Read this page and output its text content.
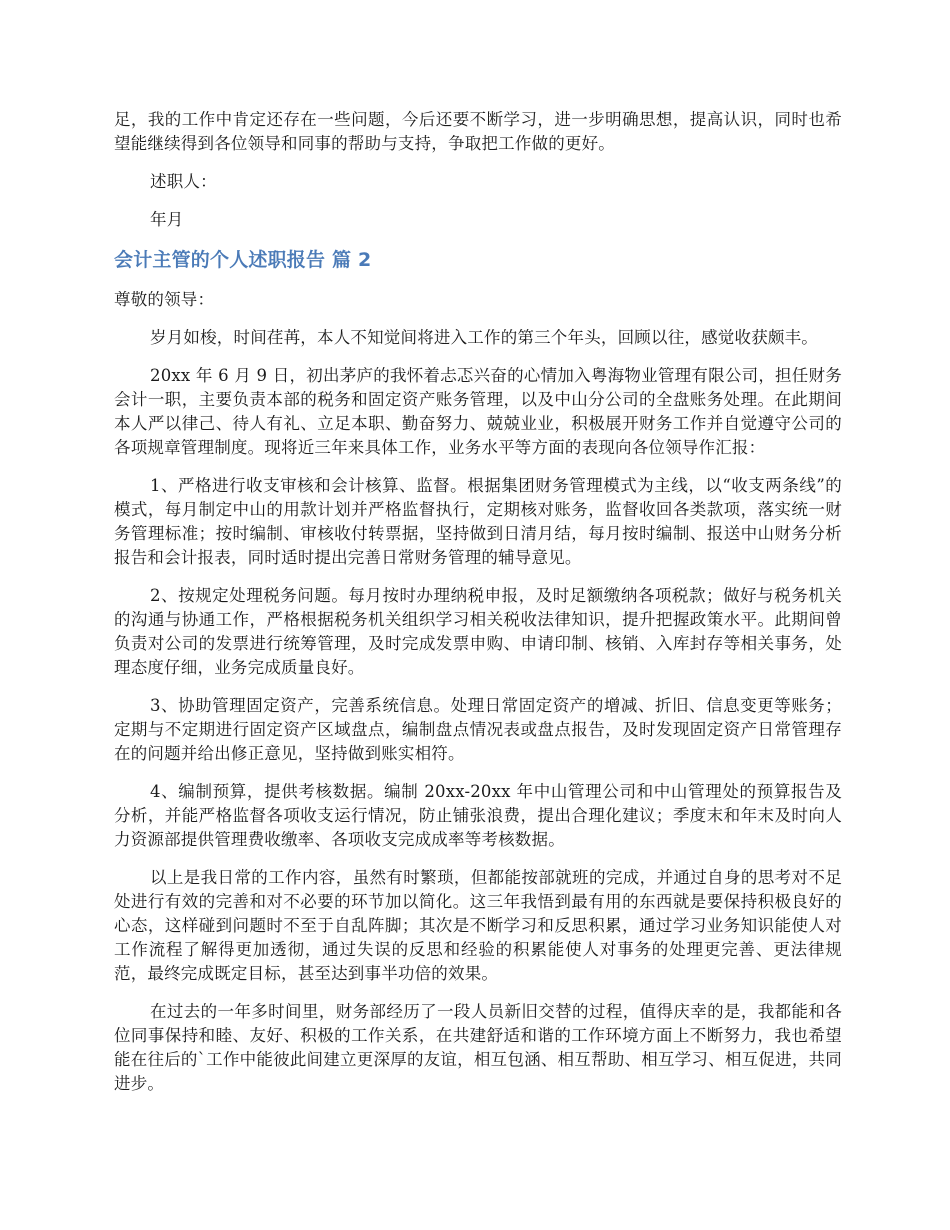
足，我的工作中肯定还存在一些问题，今后还要不断学习，进一步明确思想，提高认识，同时也希望能继续得到各位领导和同事的帮助与支持，争取把工作做的更好。

述职人：

年月

会计主管的个人述职报告 篇 2

尊敬的领导：

岁月如梭，时间荏苒，本人不知觉间将进入工作的第三个年头，回顾以往，感觉收获颇丰。

20xx 年 6 月 9 日，初出茅庐的我怀着忐忑兴奋的心情加入粤海物业管理有限公司，担任财务会计一职，主要负责本部的税务和固定资产账务管理，以及中山分公司的全盘账务处理。在此期间本人严以律己、待人有礼、立足本职、勤奋努力、兢兢业业，积极展开财务工作并自觉遵守公司的各项规章管理制度。现将近三年来具体工作，业务水平等方面的表现向各位领导作汇报：

1、严格进行收支审核和会计核算、监督。根据集团财务管理模式为主线，以“收支两条线”的模式，每月制定中山的用款计划并严格监督执行，定期核对账务，监督收回各类款项，落实统一财务管理标准；按时编制、审核收付转票据，坚持做到日清月结，每月按时编制、报送中山财务分析报告和会计报表，同时适时提出完善日常财务管理的辅导意见。

2、按规定处理税务问题。每月按时办理纳税申报，及时足额缴纳各项税款；做好与税务机关的沟通与协通工作，严格根据税务机关组织学习相关税收法律知识，提升把握政策水平。此期间曾负责对公司的发票进行统筹管理，及时完成发票申购、申请印制、核销、入库封存等相关事务，处理态度仔细，业务完成质量良好。

3、协助管理固定资产，完善系统信息。处理日常固定资产的增减、折旧、信息变更等账务；定期与不定期进行固定资产区域盘点，编制盘点情况表或盘点报告，及时发现固定资产日常管理存在的问题并给出修正意见，坚持做到账实相符。

4、编制预算，提供考核数据。编制 20xx-20xx 年中山管理公司和中山管理处的预算报告及分析，并能严格监督各项收支运行情况，防止铺张浪费，提出合理化建议；季度末和年末及时向人力资源部提供管理费收缴率、各项收支完成成率等考核数据。

以上是我日常的工作内容，虽然有时繁琐，但都能按部就班的完成，并通过自身的思考对不足处进行有效的完善和对不必要的环节加以简化。这三年我悟到最有用的东西就是要保持积极良好的心态，这样碰到问题时不至于自乱阵脚；其次是不断学习和反思积累，通过学习业务知识能使人对工作流程了解得更加透彻，通过失误的反思和经验的积累能使人对事务的处理更完善、更法律规范，最终完成既定目标，甚至达到事半功倍的效果。

在过去的一年多时间里，财务部经历了一段人员新旧交替的过程，值得庆幸的是，我都能和各位同事保持和睦、友好、积极的工作关系，在共建舒适和谐的工作环境方面上不断努力，我也希望能在往后的`工作中能彼此间建立更深厚的友谊，相互包涵、相互帮助、相互学习、相互促进，共同进步。
